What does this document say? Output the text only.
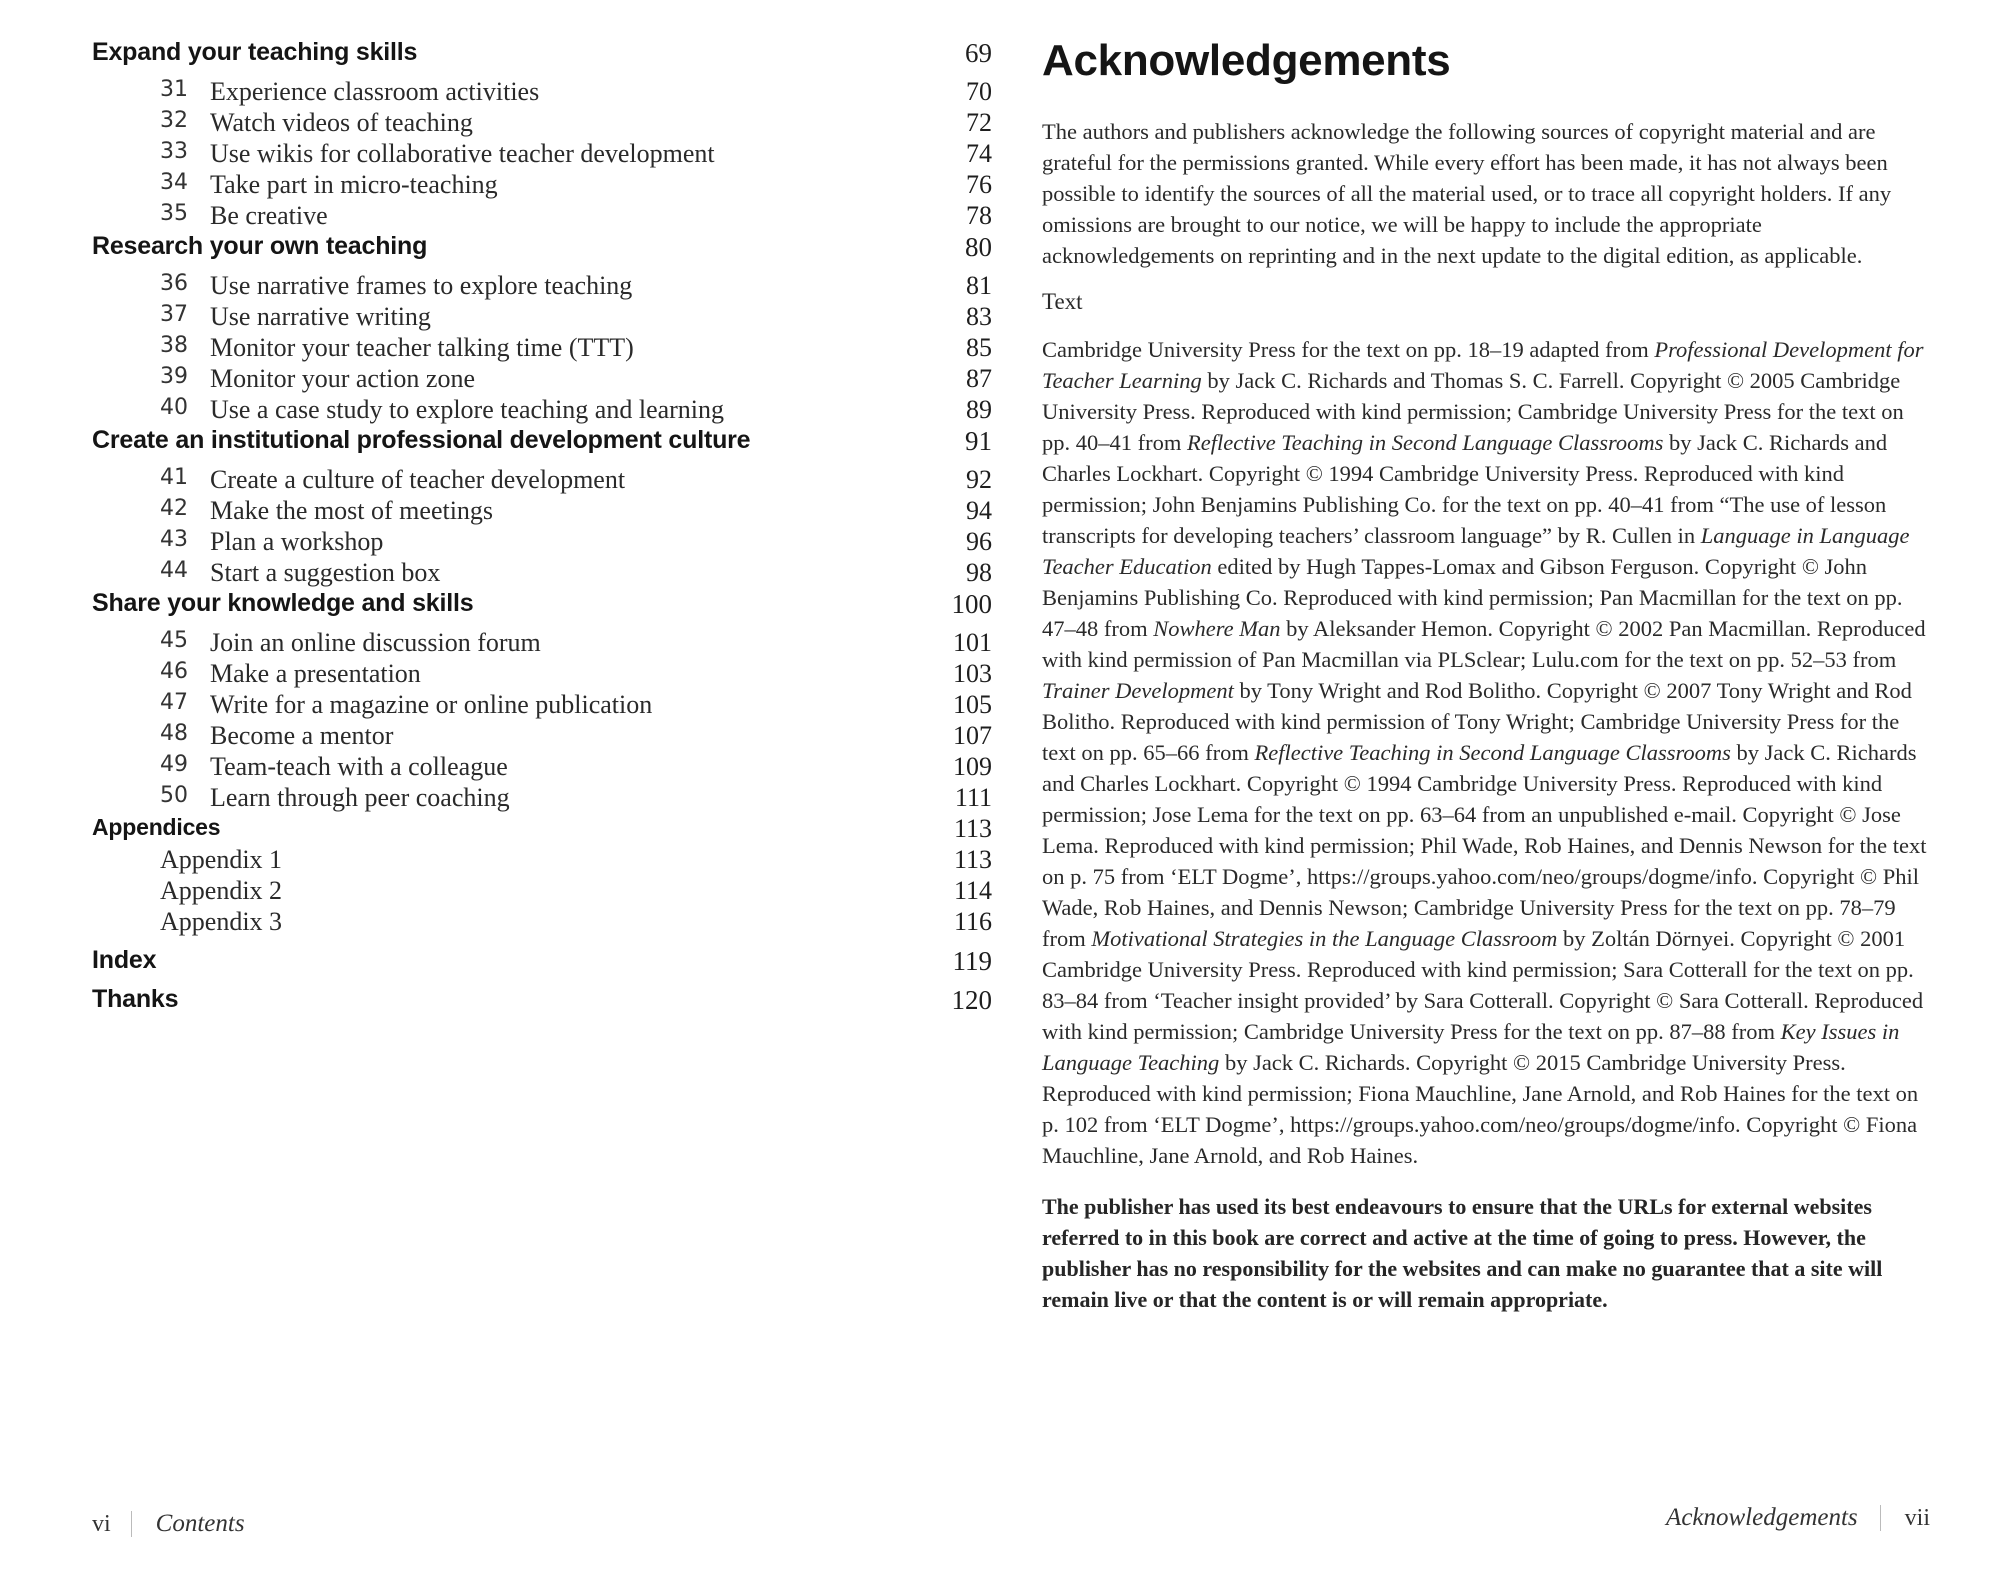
Expand your teaching skills	69
31 Experience classroom activities	70
32 Watch videos of teaching	72
33 Use wikis for collaborative teacher development	74
34 Take part in micro-teaching	76
35 Be creative	78
Research your own teaching	80
36 Use narrative frames to explore teaching	81
37 Use narrative writing	83
38 Monitor your teacher talking time (TTT)	85
39 Monitor your action zone	87
40 Use a case study to explore teaching and learning	89
Create an institutional professional development culture	91
41 Create a culture of teacher development	92
42 Make the most of meetings	94
43 Plan a workshop	96
44 Start a suggestion box	98
Share your knowledge and skills	100
45 Join an online discussion forum	101
46 Make a presentation	103
47 Write for a magazine or online publication	105
48 Become a mentor	107
49 Team-teach with a colleague	109
50 Learn through peer coaching	111
Appendices	113
Appendix 1	113
Appendix 2	114
Appendix 3	116
Index	119
Thanks	120
vi Contents
Acknowledgements

The authors and publishers acknowledge the following sources of copyright material and are grateful for the permissions granted. While every effort has been made, it has not always been possible to identify the sources of all the material used, or to trace all copyright holders. If any omissions are brought to our notice, we will be happy to include the appropriate acknowledgements on reprinting and in the next update to the digital edition, as applicable.

Text

Cambridge University Press for the text on pp. 18–19 adapted from Professional Development for Teacher Learning by Jack C. Richards and Thomas S. C. Farrell. Copyright © 2005 Cambridge University Press. Reproduced with kind permission; Cambridge University Press for the text on pp. 40–41 from Reflective Teaching in Second Language Classrooms by Jack C. Richards and Charles Lockhart. Copyright © 1994 Cambridge University Press. Reproduced with kind permission; John Benjamins Publishing Co. for the text on pp. 40–41 from “The use of lesson transcripts for developing teachers’ classroom language” by R. Cullen in Language in Language Teacher Education edited by Hugh Tappes-Lomax and Gibson Ferguson. Copyright © John Benjamins Publishing Co. Reproduced with kind permission; Pan Macmillan for the text on pp. 47–48 from Nowhere Man by Aleksander Hemon. Copyright © 2002 Pan Macmillan. Reproduced with kind permission of Pan Macmillan via PLSclear; Lulu.com for the text on pp. 52–53 from Trainer Development by Tony Wright and Rod Bolitho. Copyright © 2007 Tony Wright and Rod Bolitho. Reproduced with kind permission of Tony Wright; Cambridge University Press for the text on pp. 65–66 from Reflective Teaching in Second Language Classrooms by Jack C. Richards and Charles Lockhart. Copyright © 1994 Cambridge University Press. Reproduced with kind permission; Jose Lema for the text on pp. 63–64 from an unpublished e-mail. Copyright © Jose Lema. Reproduced with kind permission; Phil Wade, Rob Haines, and Dennis Newson for the text on p. 75 from ‘ELT Dogme’, https://groups.yahoo.com/neo/groups/dogme/info. Copyright © Phil Wade, Rob Haines, and Dennis Newson; Cambridge University Press for the text on pp. 78–79 from Motivational Strategies in the Language Classroom by Zoltán Dörnyei. Copyright © 2001 Cambridge University Press. Reproduced with kind permission; Sara Cotterall for the text on pp. 83–84 from ‘Teacher insight provided’ by Sara Cotterall. Copyright © Sara Cotterall. Reproduced with kind permission; Cambridge University Press for the text on pp. 87–88 from Key Issues in Language Teaching by Jack C. Richards. Copyright © 2015 Cambridge University Press. Reproduced with kind permission; Fiona Mauchline, Jane Arnold, and Rob Haines for the text on p. 102 from ‘ELT Dogme’, https://groups.yahoo.com/neo/groups/dogme/info. Copyright © Fiona Mauchline, Jane Arnold, and Rob Haines.

The publisher has used its best endeavours to ensure that the URLs for external websites referred to in this book are correct and active at the time of going to press. However, the publisher has no responsibility for the websites and can make no guarantee that a site will remain live or that the content is or will remain appropriate.

Acknowledgements vii
